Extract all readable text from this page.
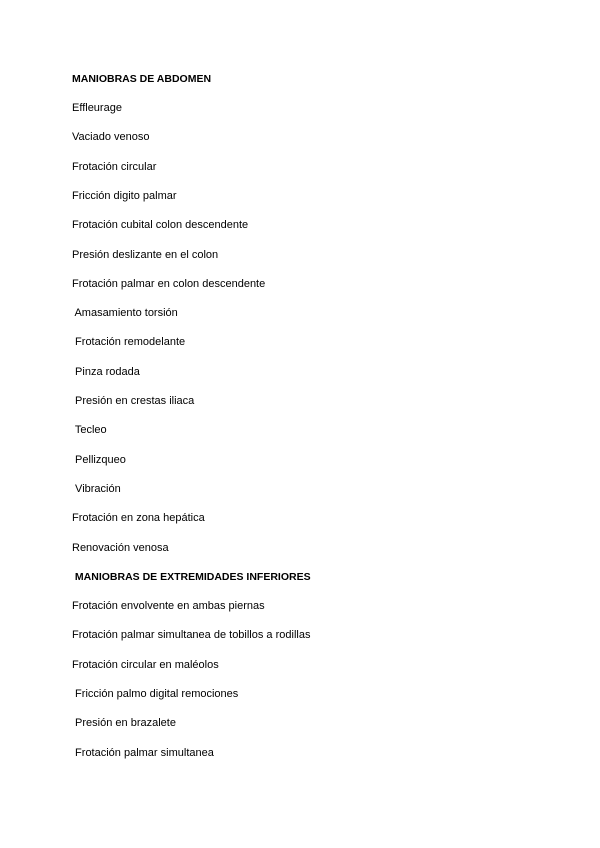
MANIOBRAS DE ABDOMEN
Effleurage
Vaciado venoso
Frotación circular
Fricción digito palmar
Frotación cubital colon descendente
Presión deslizante en el colon
Frotación palmar en colon descendente
Amasamiento torsión
Frotación remodelante
Pinza rodada
Presión en crestas iliaca
Tecleo
Pellizqueo
Vibración
Frotación en zona hepática
Renovación venosa
MANIOBRAS DE EXTREMIDADES INFERIORES
Frotación envolvente en ambas piernas
Frotación palmar simultanea de tobillos a rodillas
Frotación circular en maléolos
Fricción palmo digital remociones
Presión en brazalete
Frotación palmar simultanea
